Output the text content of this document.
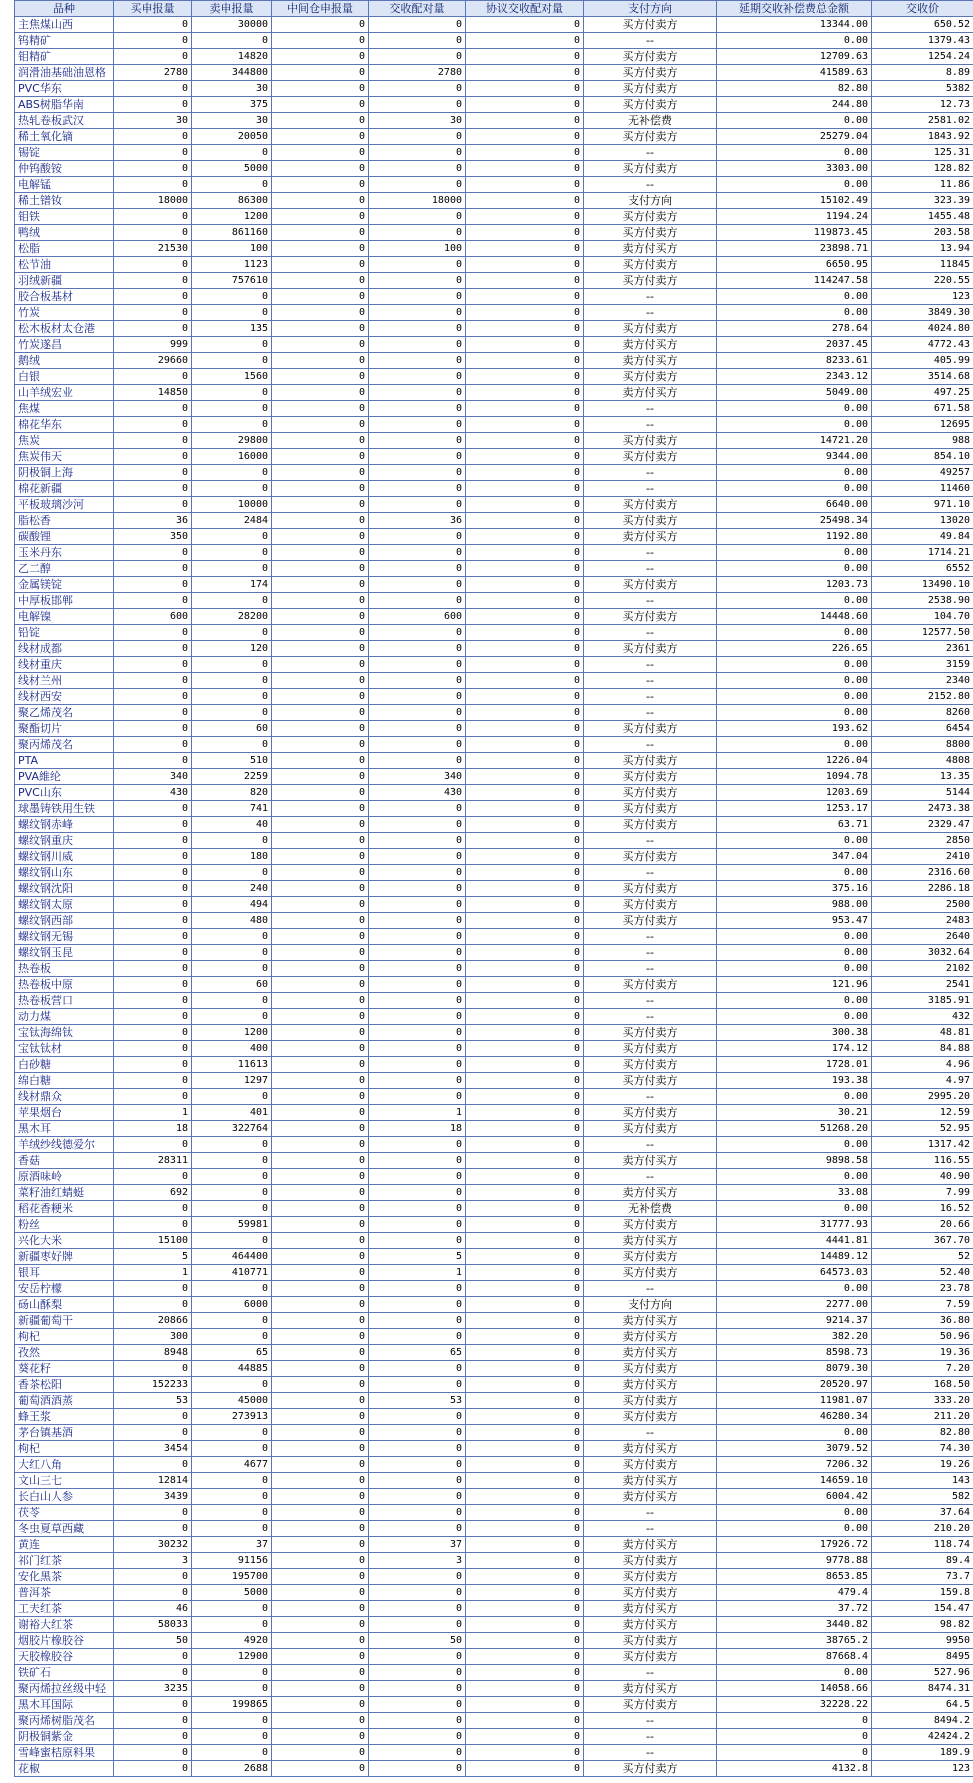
品种	买申报量	卖申报量	中间仓申报量	交收配对量	协议交收配对量	支付方向	延期交收补偿费总金额	交收价
主焦煤山西	0	30000	0	0	0	买方付卖方	13344.00	650.52
钨精矿	0	0	0	0	0	--	0.00	1379.43
钼精矿	0	14820	0	0	0	买方付卖方	12709.63	1254.24
润滑油基础油恩格	2780	344800	0	2780	0	买方付卖方	41589.63	8.89
PVC华东	0	30	0	0	0	买方付卖方	82.80	5382
ABS树脂华南	0	375	0	0	0	买方付卖方	244.80	12.73
热轧卷板武汉	30	30	0	30	0	无补偿费	0.00	2581.02
稀土氧化镝	0	20050	0	0	0	买方付卖方	25279.04	1843.92
锡锭	0	0	0	0	0	--	0.00	125.31
仲钨酸铵	0	5000	0	0	0	买方付卖方	3303.00	128.82
电解锰	0	0	0	0	0	--	0.00	11.86
稀土镨钕	18000	86300	0	18000	0	支付方向	15102.49	323.39
钼铁	0	1200	0	0	0	买方付卖方	1194.24	1455.48
鸭绒	0	861160	0	0	0	买方付卖方	119873.45	203.58
松脂	21530	100	0	100	0	卖方付买方	23898.71	13.94
松节油	0	1123	0	0	0	买方付卖方	6650.95	11845
羽绒新疆	0	757610	0	0	0	买方付卖方	114247.58	220.55
胶合板基材	0	0	0	0	0	--	0.00	123
竹炭	0	0	0	0	0	--	0.00	3849.30
松木板材太仓港	0	135	0	0	0	买方付卖方	278.64	4024.80
竹炭遂昌	999	0	0	0	0	卖方付买方	2037.45	4772.43
鹅绒	29660	0	0	0	0	卖方付买方	8233.61	405.99
白银	0	1560	0	0	0	买方付卖方	2343.12	3514.68
山羊绒宏业	14850	0	0	0	0	卖方付买方	5049.00	497.25
焦煤	0	0	0	0	0	--	0.00	671.58
棉花华东	0	0	0	0	0	--	0.00	12695
焦炭	0	29800	0	0	0	买方付卖方	14721.20	988
焦炭伟天	0	16000	0	0	0	买方付卖方	9344.00	854.10
阴极铜上海	0	0	0	0	0	--	0.00	49257
棉花新疆	0	0	0	0	0	--	0.00	11460
平板玻璃沙河	0	10000	0	0	0	买方付卖方	6640.00	971.10
脂松香	36	2484	0	36	0	买方付卖方	25498.34	13020
碳酸锂	350	0	0	0	0	卖方付买方	1192.80	49.84
玉米丹东	0	0	0	0	0	--	0.00	1714.21
乙二醇	0	0	0	0	0	--	0.00	6552
金属镁锭	0	174	0	0	0	买方付卖方	1203.73	13490.10
中厚板邯郸	0	0	0	0	0	--	0.00	2538.90
电解镍	600	28200	0	600	0	买方付卖方	14448.60	104.70
铅锭	0	0	0	0	0	--	0.00	12577.50
线材成都	0	120	0	0	0	买方付卖方	226.65	2361
线材重庆	0	0	0	0	0	--	0.00	3159
线材兰州	0	0	0	0	0	--	0.00	2340
线材西安	0	0	0	0	0	--	0.00	2152.80
聚乙烯茂名	0	0	0	0	0	--	0.00	8260
聚酯切片	0	60	0	0	0	买方付卖方	193.62	6454
聚丙烯茂名	0	0	0	0	0	--	0.00	8800
PTA	0	510	0	0	0	买方付卖方	1226.04	4808
PVA維纶	340	2259	0	340	0	买方付卖方	1094.78	13.35
PVC山东	430	820	0	430	0	买方付卖方	1203.69	5144
球墨铸铁用生铁	0	741	0	0	0	买方付卖方	1253.17	2473.38
螺纹钢赤峰	0	40	0	0	0	买方付卖方	63.71	2329.47
螺纹钢重庆	0	0	0	0	0	--	0.00	2850
螺纹钢川威	0	180	0	0	0	买方付卖方	347.04	2410
螺纹钢山东	0	0	0	0	0	--	0.00	2316.60
螺纹钢沈阳	0	240	0	0	0	买方付卖方	375.16	2286.18
螺纹钢太原	0	494	0	0	0	买方付卖方	988.00	2500
螺纹钢西部	0	480	0	0	0	买方付卖方	953.47	2483
螺纹钢无锡	0	0	0	0	0	--	0.00	2640
螺纹钢玉昆	0	0	0	0	0	--	0.00	3032.64
热卷板	0	0	0	0	0	--	0.00	2102
热卷板中原	0	60	0	0	0	买方付卖方	121.96	2541
热卷板营口	0	0	0	0	0	--	0.00	3185.91
动力煤	0	0	0	0	0	--	0.00	432
宝钛海绵钛	0	1200	0	0	0	买方付卖方	300.38	48.81
宝钛钛材	0	400	0	0	0	买方付卖方	174.12	84.88
白砂糖	0	11613	0	0	0	买方付卖方	1728.01	4.96
绵白糖	0	1297	0	0	0	买方付卖方	193.38	4.97
线材鼎众	0	0	0	0	0	--	0.00	2995.20
苹果烟台	1	401	0	1	0	买方付卖方	30.21	12.59
黑木耳	18	322764	0	18	0	买方付卖方	51268.20	52.95
羊绒纱线德爱尔	0	0	0	0	0	--	0.00	1317.42
香菇	28311	0	0	0	0	卖方付买方	9898.58	116.55
原酒味岭	0	0	0	0	0	--	0.00	40.90
菜籽油红蜻蜓	692	0	0	0	0	卖方付买方	33.08	7.99
稻花香粳米	0	0	0	0	0	无补偿费	0.00	16.52
粉丝	0	59981	0	0	0	买方付卖方	31777.93	20.66
兴化大米	15100	0	0	0	0	卖方付买方	4441.81	367.70
新疆枣好牌	5	464400	0	5	0	买方付卖方	14489.12	52
银耳	1	410771	0	1	0	买方付卖方	64573.03	52.40
安岳柠檬	0	0	0	0	0	--	0.00	23.78
砀山酥梨	0	6000	0	0	0	支付方向	2277.00	7.59
新疆葡萄干	20866	0	0	0	0	卖方付买方	9214.37	36.80
枸杞	300	0	0	0	0	卖方付买方	382.20	50.96
孜然	8948	65	0	65	0	卖方付买方	8598.73	19.36
葵花籽	0	44885	0	0	0	买方付卖方	8079.30	7.20
香茶松阳	152233	0	0	0	0	卖方付买方	20520.97	168.50
葡萄酒酒蒸	53	45000	0	53	0	买方付卖方	11981.07	333.20
蜂王浆	0	273913	0	0	0	买方付卖方	46280.34	211.20
茅台镇基酒	0	0	0	0	0	--	0.00	82.80
枸杞	3454	0	0	0	0	卖方付买方	3079.52	74.30
大红八角	0	4677	0	0	0	买方付卖方	7206.32	19.26
文山三七	12814	0	0	0	0	卖方付买方	14659.10	143
长白山人参	3439	0	0	0	0	卖方付买方	6004.42	582
茯苓	0	0	0	0	0	--	0.00	37.64
冬虫夏草西藏	0	0	0	0	0	--	0.00	210.20
黄连	30232	37	0	37	0	卖方付买方	17926.72	118.74
祁门红茶	3	91156	0	3	0	买方付卖方	9778.88	89.4
安化黑茶	0	195700	0	0	0	买方付卖方	8653.85	73.7
普洱茶	0	5000	0	0	0	买方付卖方	479.4	159.8
工夫红茶	46	0	0	0	0	卖方付买方	37.72	154.47
谢裕大红茶	58033	0	0	0	0	卖方付买方	3440.82	98.82
烟胶片橡胶谷	50	4920	0	50	0	买方付卖方	38765.2	9950
天胶橡胶谷	0	12900	0	0	0	买方付卖方	87668.4	8495
铁矿石	0	0	0	0	0	--	0.00	527.96
聚丙烯拉丝级中轻	3235	0	0	0	0	卖方付买方	14058.66	8474.31
黑木耳国际	0	199865	0	0	0	买方付卖方	32228.22	64.5
聚丙烯树脂茂名	0	0	0	0	0	--	0	8494.2
阴极铜紫金	0	0	0	0	0	--	0	42424.2
雪峰蜜桔原料果	0	0	0	0	0	--	0	189.9
花椒	0	2688	0	0	0	买方付卖方	4132.8	123
